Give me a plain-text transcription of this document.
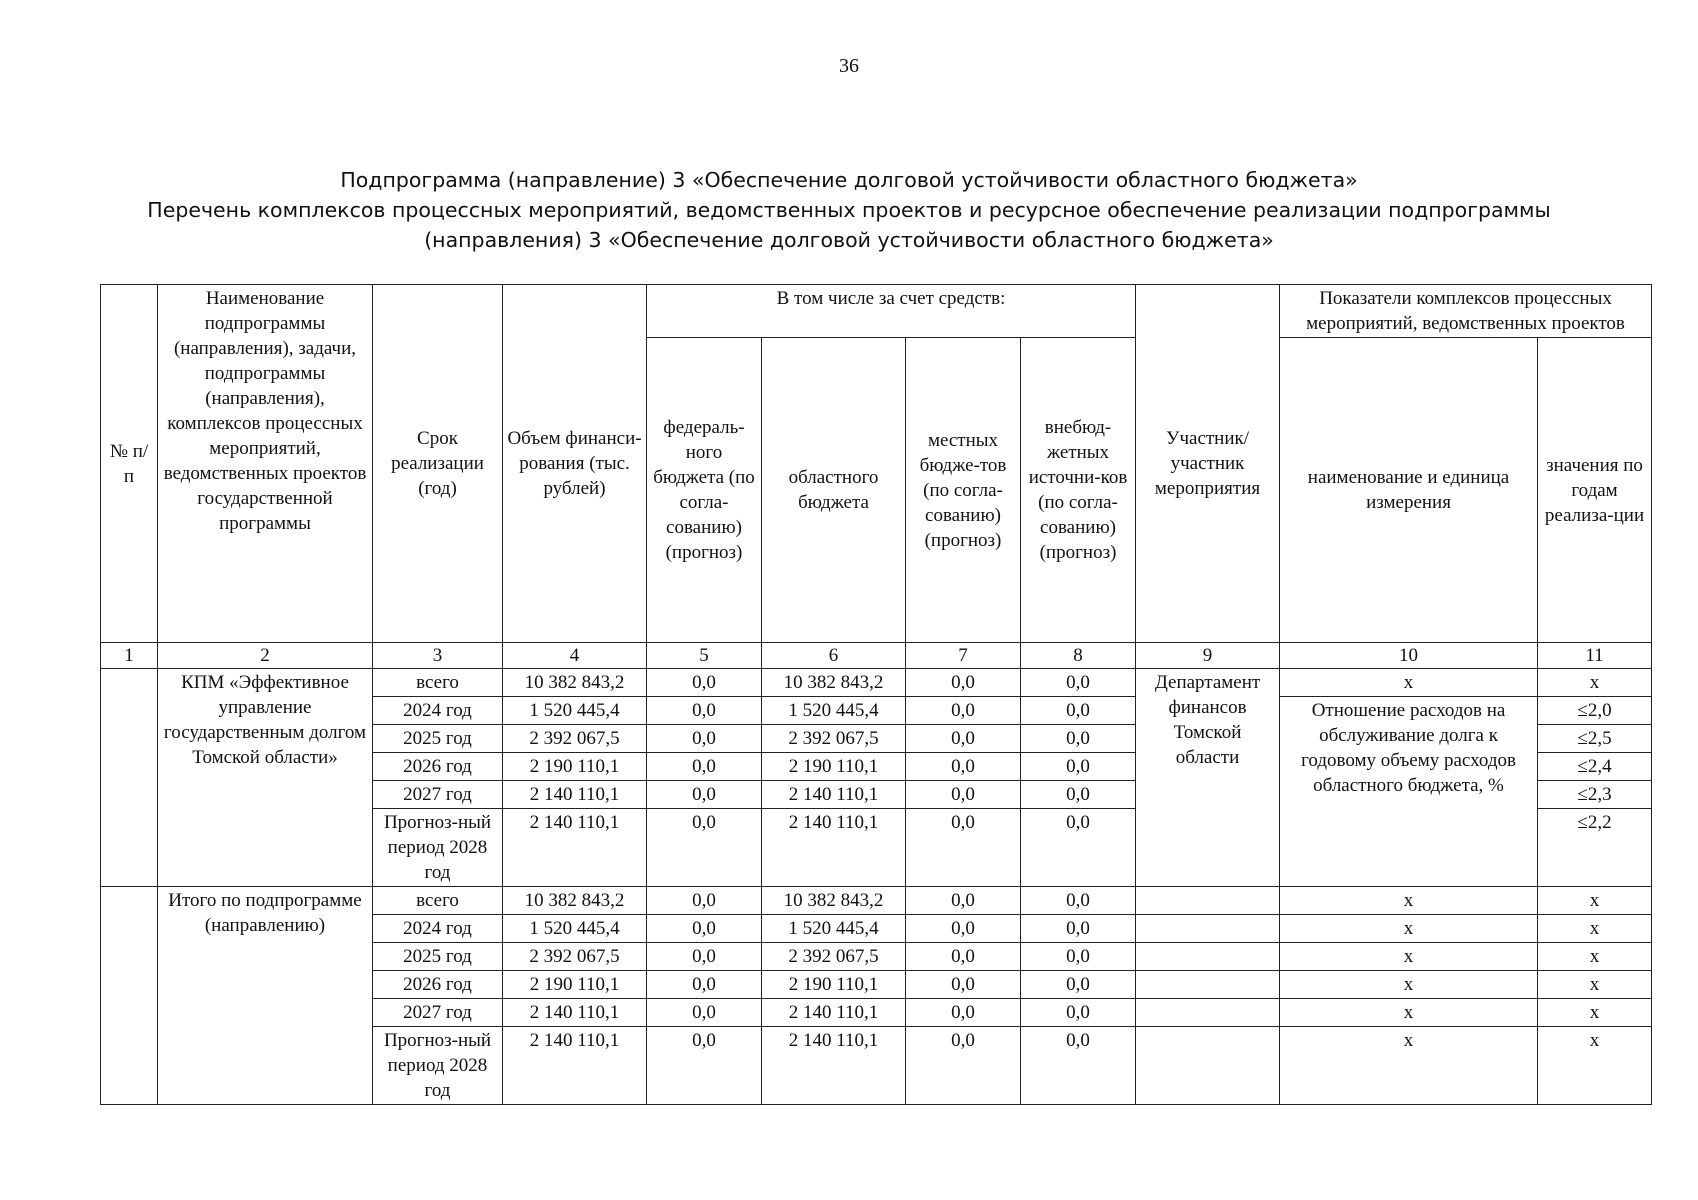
36
Подпрограмма (направление) 3 «Обеспечение долговой устойчивости областного бюджета»
Перечень комплексов процессных мероприятий, ведомственных проектов и ресурсное обеспечение реализации подпрограммы
(направления) 3 «Обеспечение долговой устойчивости областного бюджета»
№ п/п	Наименование подпрограммы (направления), задачи, подпрограммы (направления), комплексов процессных мероприятий, ведомственных проектов государственной программы	Срок реализации (год)	Объем финанси-рования (тыс. рублей)	В том числе за счет средств:				Участник/ участник мероприятия	Показатели комплексов процессных мероприятий, ведомственных проектов	
				федераль-ного бюджета (по согла-сованию) (прогноз)	областного бюджета	местных бюдже-тов (по согла-сованию) (прогноз)	внебюд-жетных источни-ков (по согла-сованию) (прогноз)		наименование и единица измерения	значения по годам реализа-ции
1	2	3	4	5	6	7	8	9	10	11
	КПМ «Эффективное управление государственным долгом Томской области»	всего	10 382 843,2	0,0	10 382 843,2	0,0	0,0	Департамент финансов Томской области	х	х
		2024 год	1 520 445,4	0,0	1 520 445,4	0,0	0,0		Отношение расходов на обслуживание долга к годовому объему расходов областного бюджета, %	≤2,0
		2025 год	2 392 067,5	0,0	2 392 067,5	0,0	0,0			≤2,5
		2026 год	2 190 110,1	0,0	2 190 110,1	0,0	0,0			≤2,4
		2027 год	2 140 110,1	0,0	2 140 110,1	0,0	0,0			≤2,3
		Прогноз-ный период 2028 год	2 140 110,1	0,0	2 140 110,1	0,0	0,0			≤2,2
	Итого по подпрограмме (направлению)	всего	10 382 843,2	0,0	10 382 843,2	0,0	0,0		х	х
		2024 год	1 520 445,4	0,0	1 520 445,4	0,0	0,0		х	х
		2025 год	2 392 067,5	0,0	2 392 067,5	0,0	0,0		х	х
		2026 год	2 190 110,1	0,0	2 190 110,1	0,0	0,0		х	х
		2027 год	2 140 110,1	0,0	2 140 110,1	0,0	0,0		х	х
		Прогноз-ный период 2028 год	2 140 110,1	0,0	2 140 110,1	0,0	0,0		х	х
